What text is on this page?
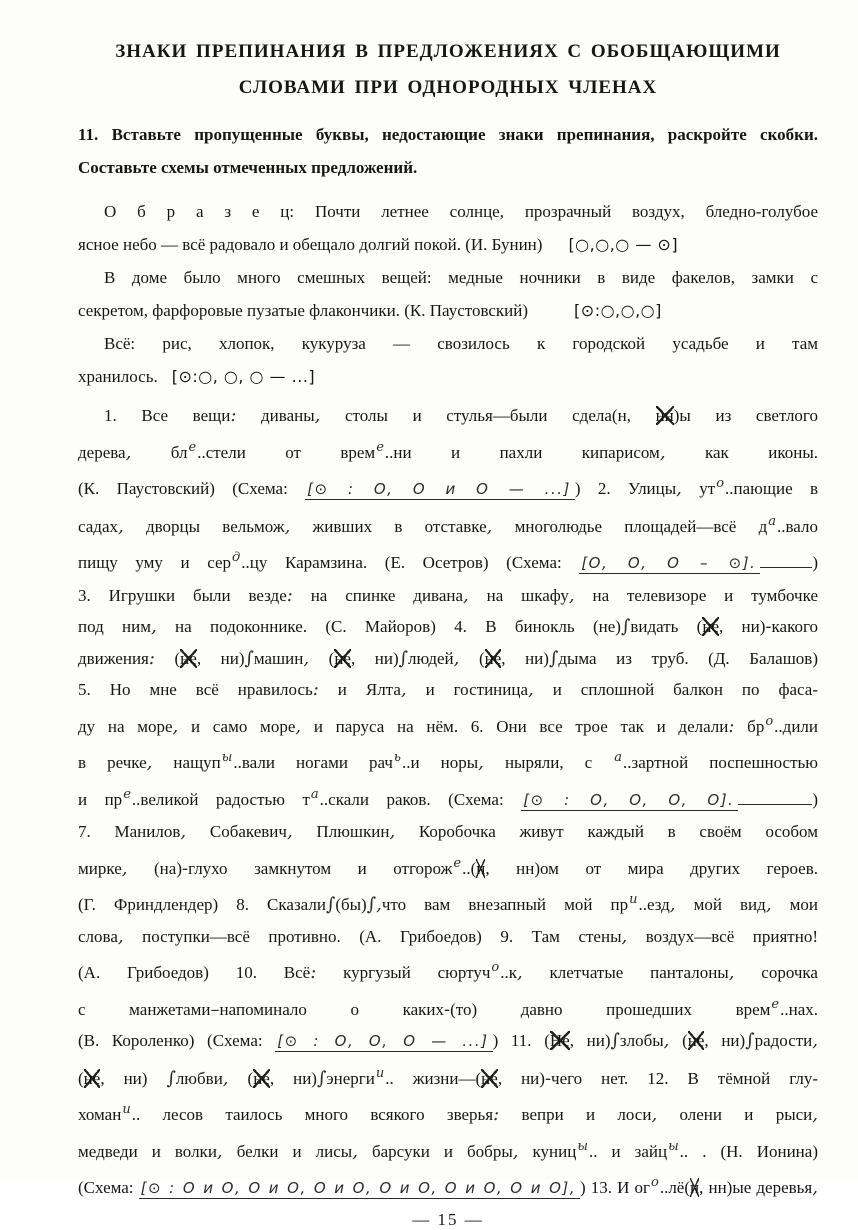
ЗНАКИ ПРЕПИНАНИЯ В ПРЕДЛОЖЕНИЯХ С ОБОБЩАЮЩИМИ
СЛОВАМИ ПРИ ОДНОРОДНЫХ ЧЛЕНАХ
11. Вставьте пропущенные буквы, недостающие знаки препинания, раскройте скобки.
Составьте схемы отмеченных предложений.
О б р а з е ц: Почти летнее солнце, прозрачный воздух, бледно-голубое
ясное небо — всё радовало и обещало долгий покой. (И. Бунин) [○,○,○ — ⊙]
В доме было много смешных вещей: медные ночники в виде факелов, замки с
секретом, фарфоровые пузатые флакончики. (К. Паустовский)	[⊙:○,○,○]
Всё: рис, хлопок, кукуруза — свозилось к городской усадьбе и там
хранилось. [⊙:○, ○, ○ — ...]
1. Все вещи: диваны, столы и стулья—были сдела(н, нн)ы из светлого
дерева, $бл^е..стели$ от врем$^е$..ни и пахли кипарисом, как иконы.
(К. Паустовский) (Схема: [⊙ : О, О и О — ...] ) 2. Улицы, $ут^о..пающие$ в
садах, дворцы вельмож, живших в отставке, многолюдье площадей—всё $д^а..вало$
пищу уму и сер$^д$..цу Карамзина. (Е. Осетров) (Схема: [О, О, О – ⊙].	)
3. Игрушки были везде: на спинке дивана, на шкафу, на телевизоре и тумбочке
под ним, на подоконнике. (С. Майоров) 4. В бинокль (не)∫видать (не, ни)-какого
движения: (не, ни)∫машин, (не, ни)∫людей, (не, ни)∫дыма из труб. (Д. Балашов)
5. Но мне всё нравилось: и Ялта, и гостиница, и сплошной балкон по фаса-
ду на море, и само море, и паруса на нём. 6. Они все трое так и делали: $бр^о..дили$
в речке, нащуп$^ы$..вали ногами рач$^ь$..и норы, ныряли, с $^а$..зартной поспешностью
и $пр^е..великой$ радостью $т^а..скали$ раков. (Схема: [⊙ : О, О, О, О].	)
7. Манилов, Собакевич, Плюшкин, Коробочка живут каждый в своём особом
мирке, (на)-глухо замкнутом и отгорож$^е$..(н, нн)ом от мира других героев.
(Г. Фриндлендер) 8. Сказали∫(бы)∫,что вам внезапный мой $пр^и..езд$, мой вид, мои
слова, поступки—всё противно. (А. Грибоедов) 9. Там стены, воздух—всё приятно!
(А. Грибоедов) 10. Всё: кургузый сюртуч$^о$..к, клетчатые панталоны, сорочка
с манжетами–напоминало о каких-(то) давно прошедших врем$^е$..нах.
(В. Короленко) (Схема: [⊙ : О, О, О — ...] ) 11. (Не, ни)∫злобы, (не, ни)∫радости,
(не, ни) ∫любви, (не, ни)∫энерги$^и$.. жизни—(не, ни)-чего нет. 12. В тёмной глу-
хоман$^и$.. лесов таилось много всякого зверья: вепри и лоси, олени и рыси,
медведи и волки, белки и лисы, барсуки и бобры, куниц$^ы$.. и зайц$^ы$.. . (Н. Ионина)
(Схема: [⊙ : О и О, О и О, О и О, О и О, О и О, О и О], ) 13. И $ог^о..лё(н$, нн)ые деревья,
— 15 —
